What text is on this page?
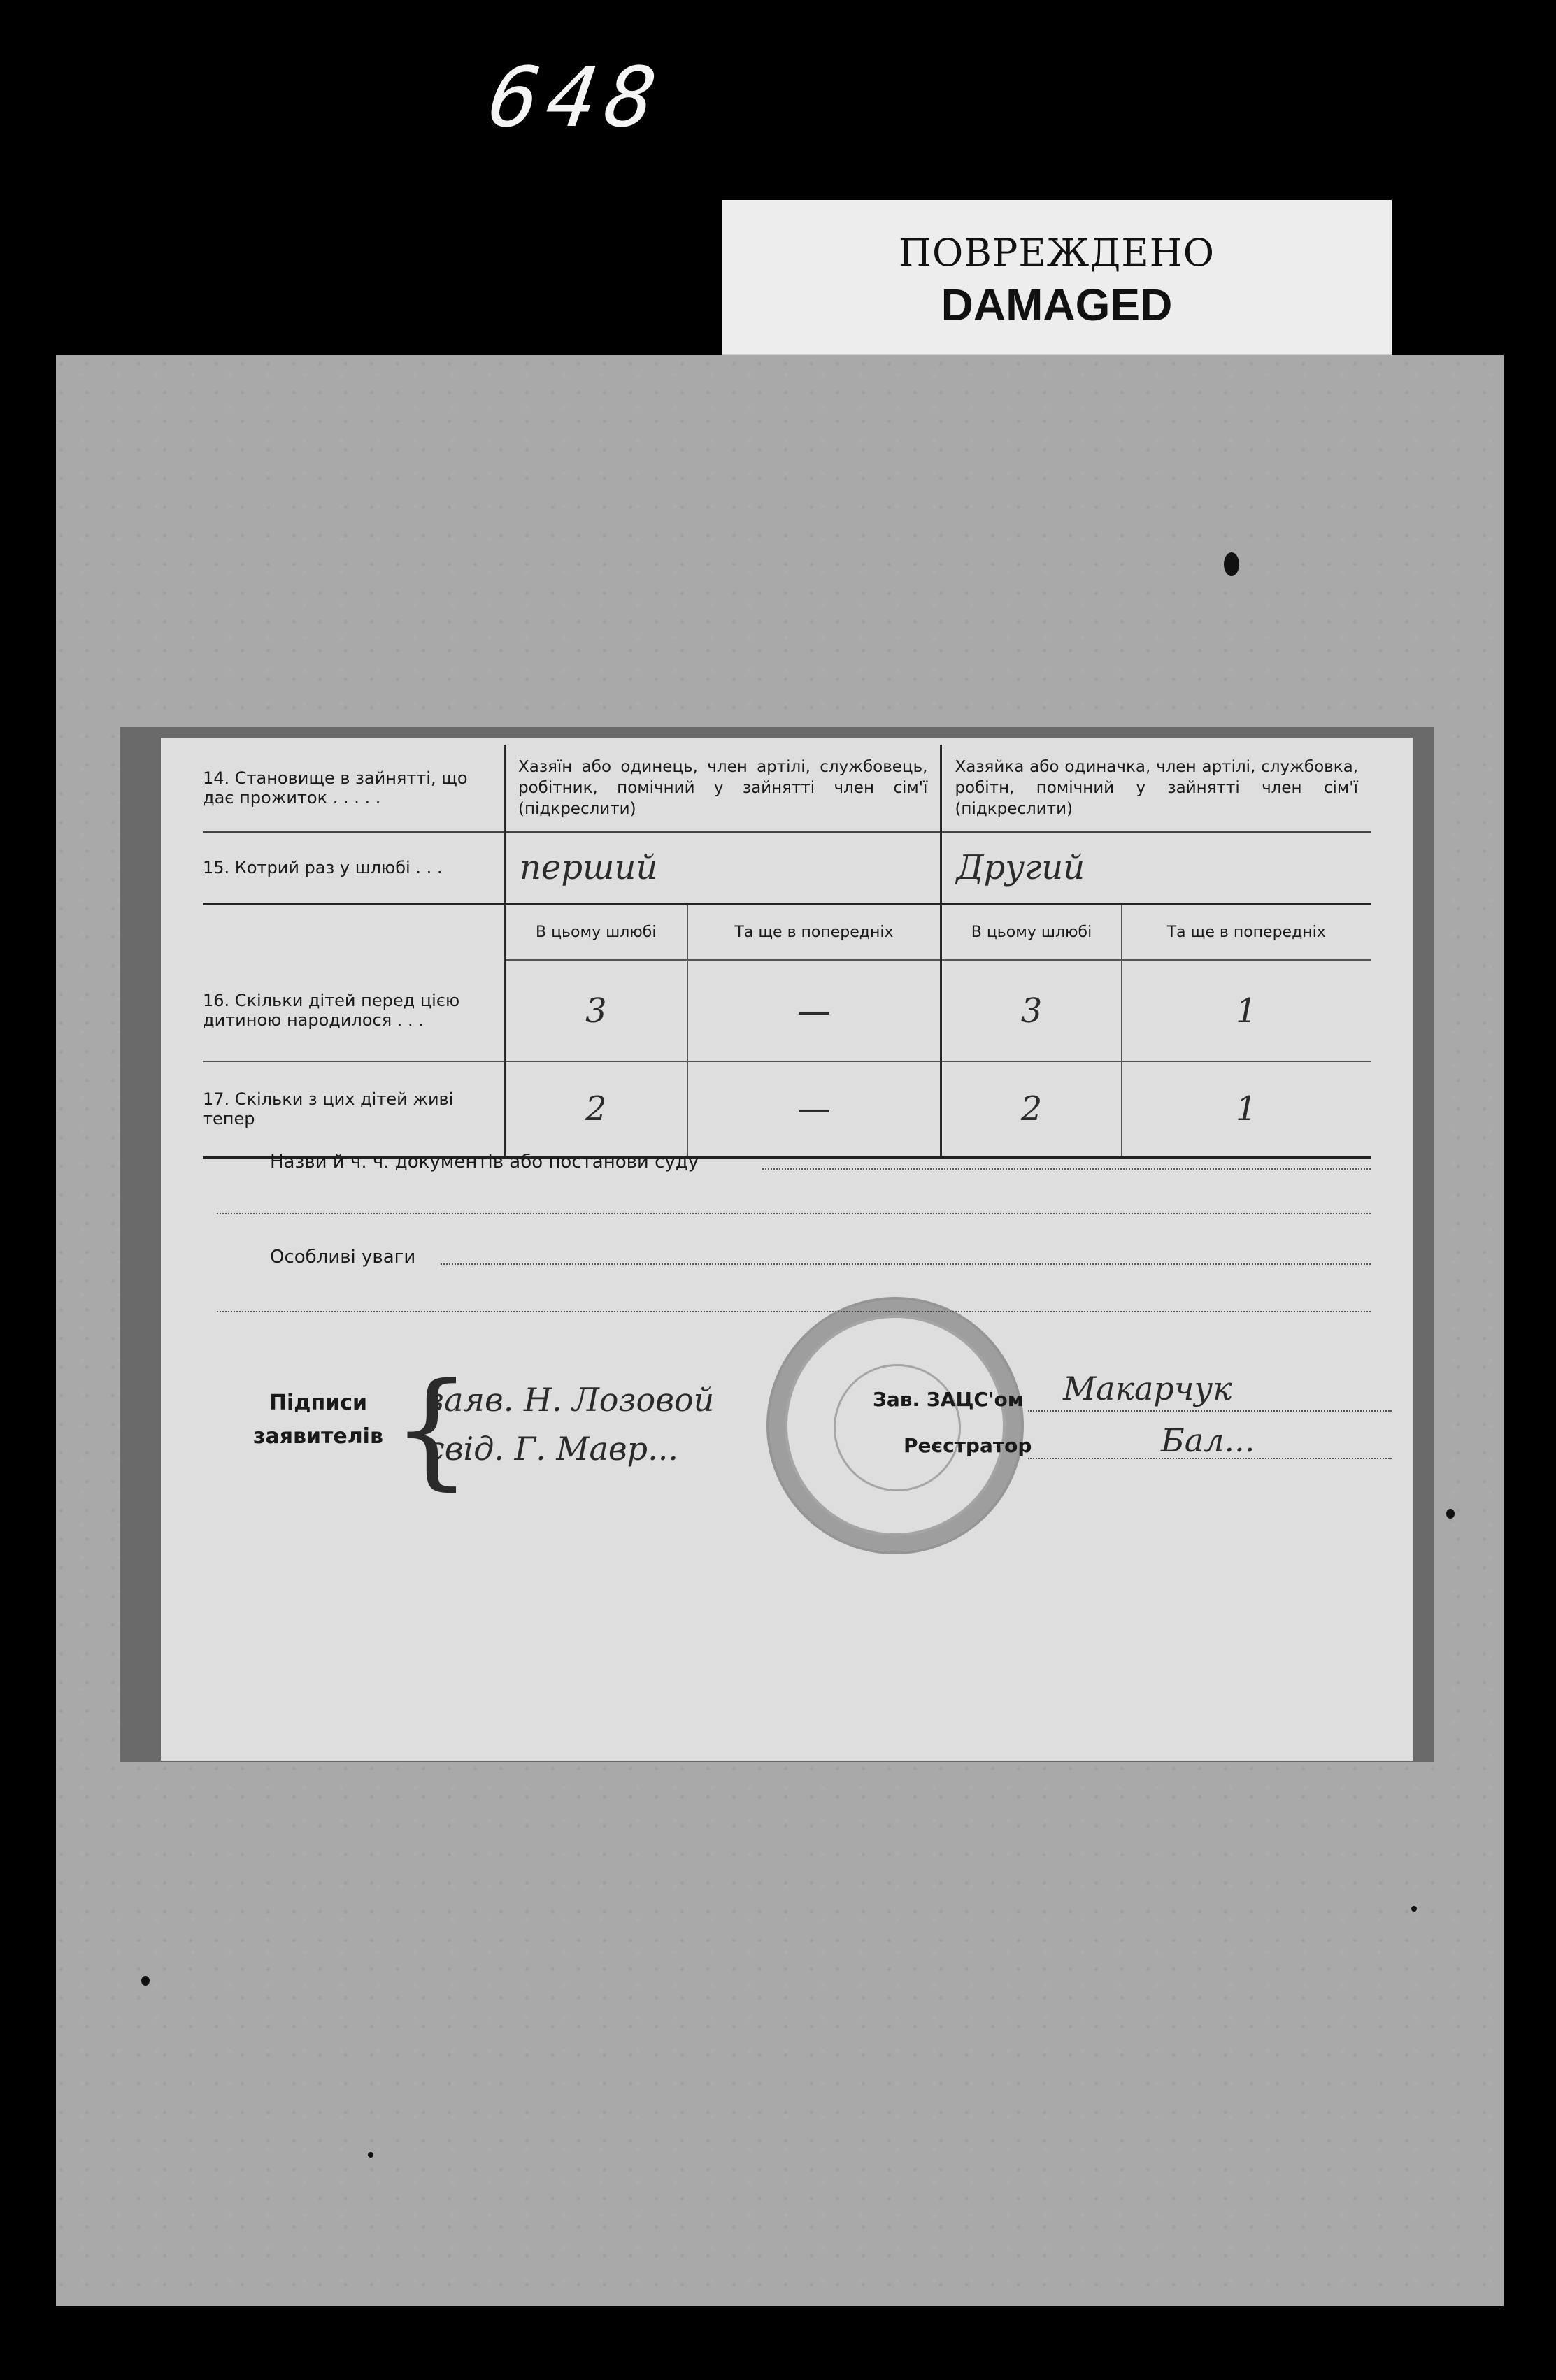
648
ПОВРЕЖДЕНО
DAMAGED
14. Становище в зайнятті, що дає прожиток . . . . .	Хазяїн або одинець, член артілі, службовець, робітник, помічний у зайнятті член сім'ї (підкреслити)		Хазяйка або одиначка, член артілі, службовка, робітн, помічний у зайнятті член сім'ї (підкреслити)	
15. Котрий раз у шлюбі . . .	перший		Другий	
	В цьому шлюбі	Та ще в попередніх	В цьому шлюбі	Та ще в попередніх
16. Скільки дітей перед цією дитиною народилося . . .	3	—	3	1
17. Скільки з цих дітей живі тепер	2	—	2	1
Назви й ч. ч. документів або постанови суду
Особливі уваги
Підписи заявителів {
заяв. Н. Лозовой
свід. Г. Мавр...
Зав. ЗАЦС'ом Макарчук
Реєстратор	Бал...
